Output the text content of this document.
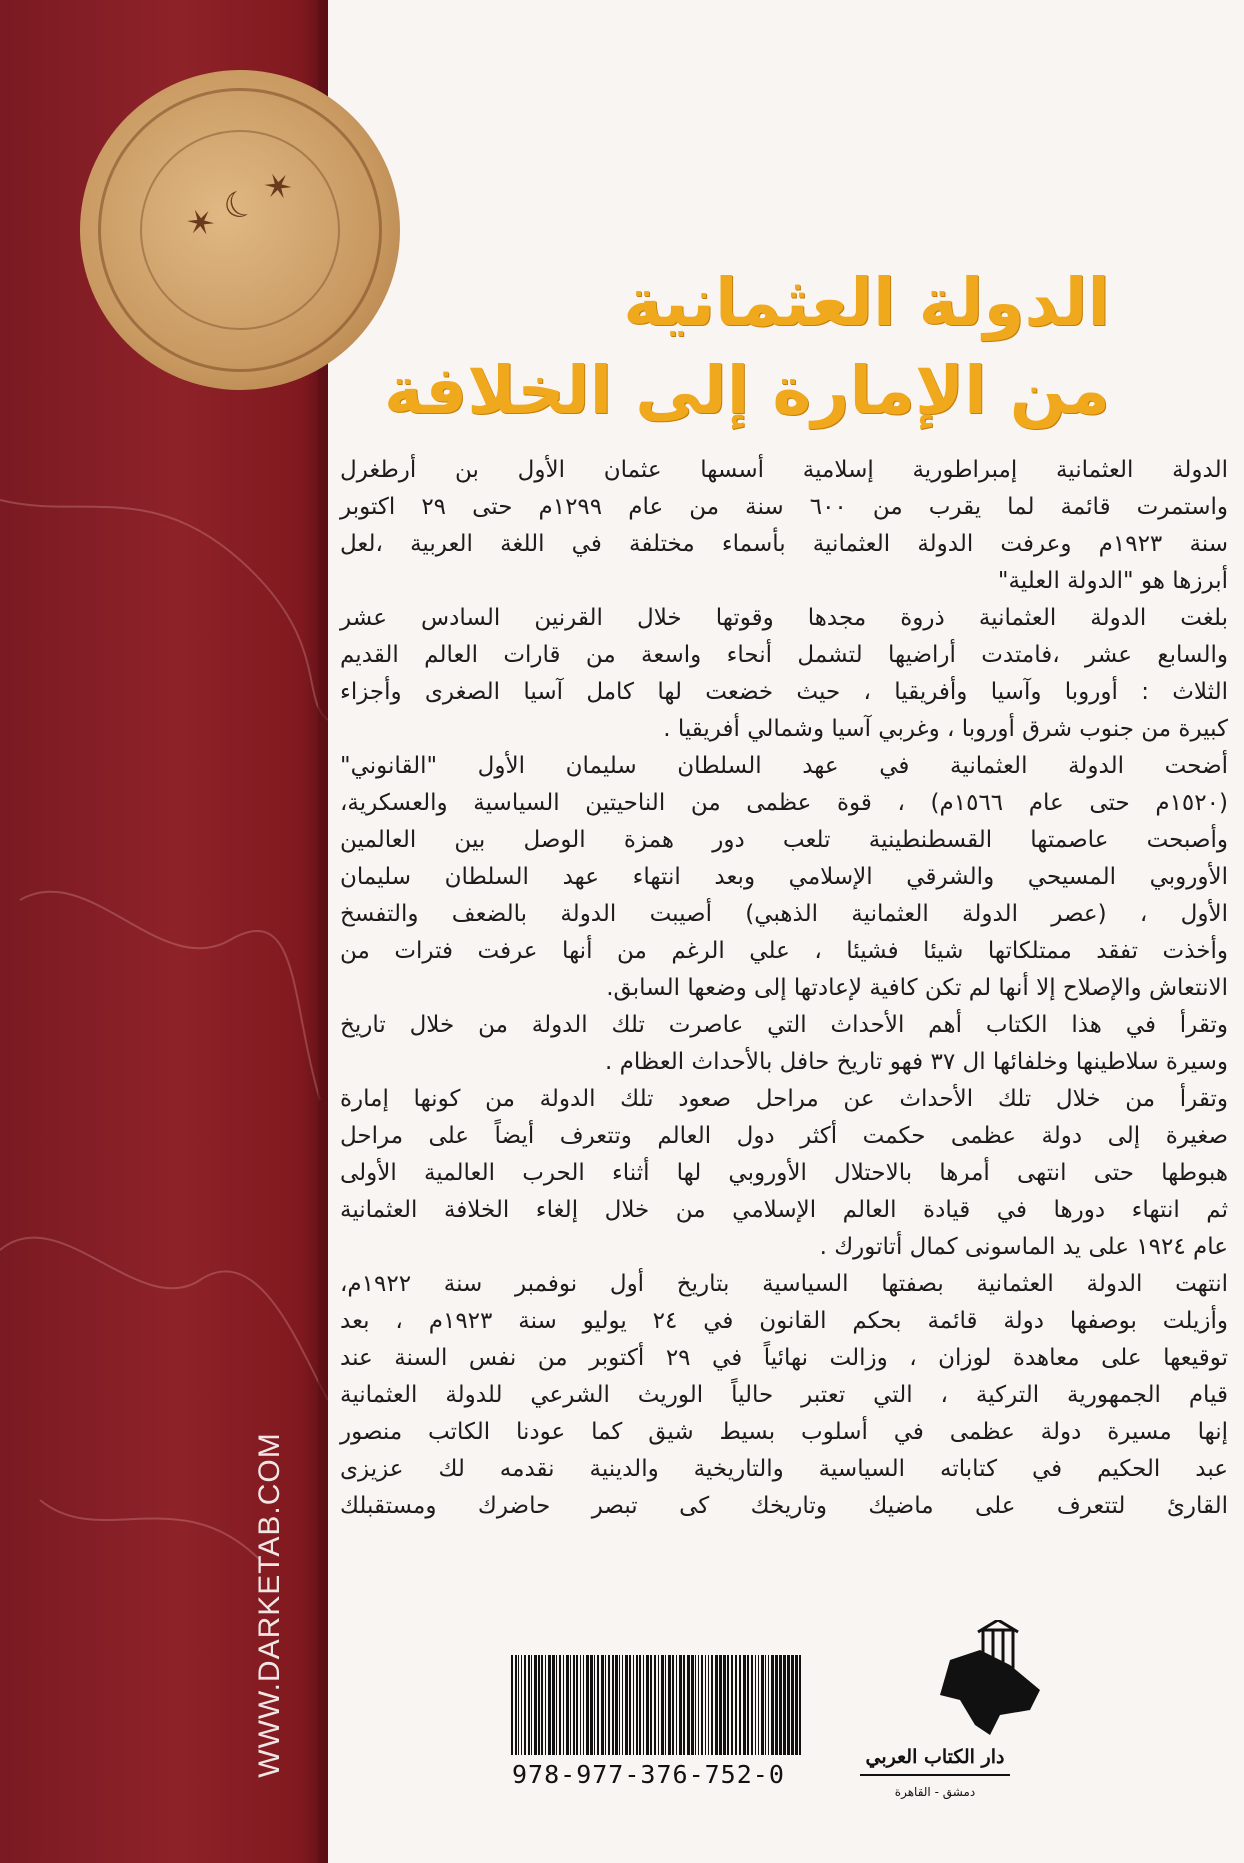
✶ ☾ ✶
الدولة العثمانية
من الإمارة إلى الخلافة
الدولة العثمانية إمبراطورية إسلامية أسسها عثمان الأول بن أرطغرل
واستمرت قائمة لما يقرب من ٦٠٠ سنة من عام ١٢٩٩م حتى ٢٩ اكتوبر
سنة ١٩٢٣م وعرفت الدولة العثمانية بأسماء مختلفة في اللغة العربية ،لعل
أبرزها هو "الدولة العلية"
بلغت الدولة العثمانية ذروة مجدها وقوتها خلال القرنين السادس عشر
والسابع عشر ،فامتدت أراضيها لتشمل أنحاء واسعة من قارات العالم القديم
الثلاث : أوروبا وآسيا وأفريقيا ، حيث خضعت لها كامل آسيا الصغرى وأجزاء
كبيرة من جنوب شرق أوروبا ، وغربي آسيا وشمالي أفريقيا .
أضحت الدولة العثمانية في عهد السلطان سليمان الأول "القانوني"
(١٥٢٠م حتى عام ١٥٦٦م) ، قوة عظمى من الناحيتين السياسية والعسكرية،
وأصبحت عاصمتها القسطنطينية تلعب دور همزة الوصل بين العالمين
الأوروبي المسيحي والشرقي الإسلامي وبعد انتهاء عهد السلطان سليمان
الأول ، (عصر الدولة العثمانية الذهبي) أصيبت الدولة بالضعف والتفسخ
وأخذت تفقد ممتلكاتها شيئا فشيئا ، علي الرغم من أنها عرفت فترات من
الانتعاش والإصلاح إلا أنها لم تكن كافية لإعادتها إلى وضعها السابق.
وتقرأ في هذا الكتاب أهم الأحداث التي عاصرت تلك الدولة من خلال تاريخ
وسيرة سلاطينها وخلفائها ال ٣٧ فهو تاريخ حافل بالأحداث العظام .
وتقرأ من خلال تلك الأحداث عن مراحل صعود تلك الدولة من كونها إمارة
صغيرة إلى دولة عظمى حكمت أكثر دول العالم وتتعرف أيضاً على مراحل
هبوطها حتى انتهى أمرها بالاحتلال الأوروبي لها أثناء الحرب العالمية الأولى
ثم انتهاء دورها في قيادة العالم الإسلامي من خلال إلغاء الخلافة العثمانية
عام ١٩٢٤ على يد الماسونى كمال أتاتورك .
انتهت الدولة العثمانية بصفتها السياسية بتاريخ أول نوفمبر سنة ١٩٢٢م،
وأزيلت بوصفها دولة قائمة بحكم القانون في ٢٤ يوليو سنة ١٩٢٣م ، بعد
توقيعها على معاهدة لوزان ، وزالت نهائياً في ٢٩ أكتوبر من نفس السنة عند
قيام الجمهورية التركية ، التي تعتبر حالياً الوريث الشرعي للدولة العثمانية
إنها مسيرة دولة عظمى في أسلوب بسيط شيق كما عودنا الكاتب منصور
عبد الحكيم في كتاباته السياسية والتاريخية والدينية نقدمه لك عزيزى
القارئ لتتعرف على ماضيك وتاريخك كى تبصر حاضرك ومستقبلك
WWW.DARKETAB.COM	978-977-376-752-0
دار الكتاب العربي
دمشق - القاهرة
